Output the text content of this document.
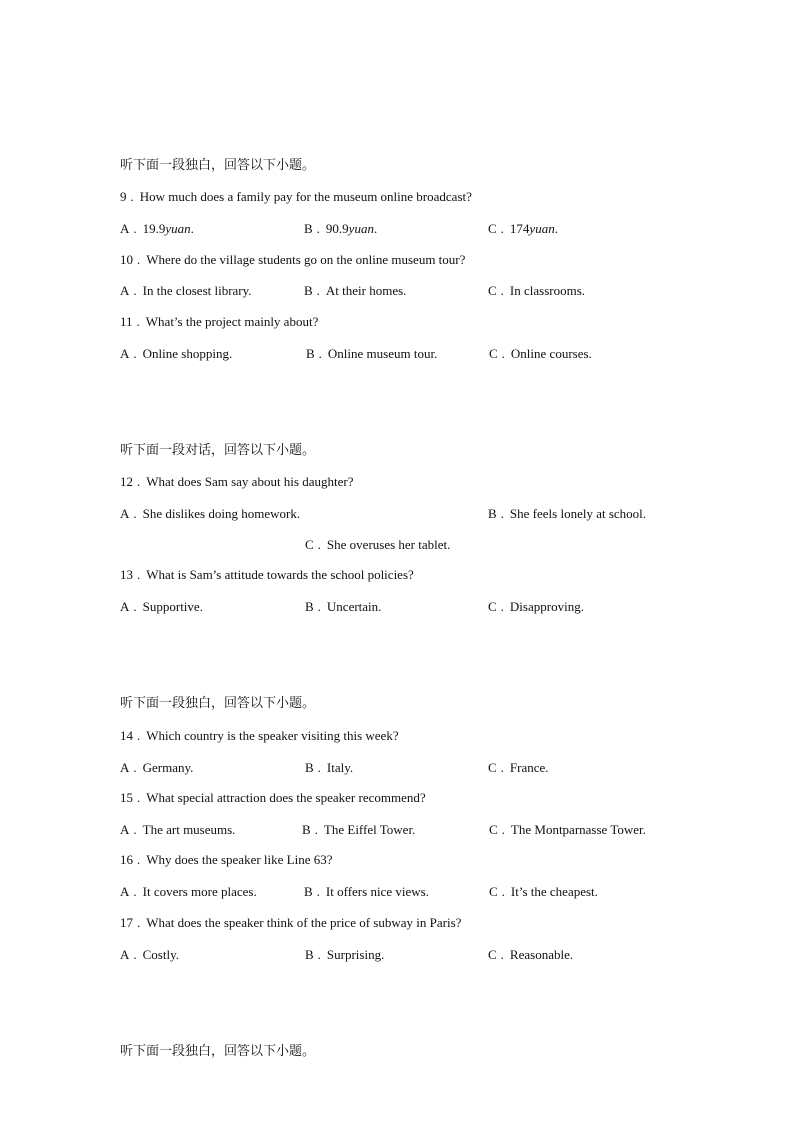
听下面一段独白，回答以下小题。
9 . How much does a family pay for the museum online broadcast?
A . 19.9yuan.	B . 90.9yuan.	C . 174yuan.
10 . Where do the village students go on the online museum tour?
A . In the closest library.	B . At their homes.	C . In classrooms.
11 . What’s the project mainly about?
A . Online shopping.	B . Online museum tour.	C . Online courses.
听下面一段对话，回答以下小题。
12 . What does Sam say about his daughter?
A . She dislikes doing homework.	B . She feels lonely at school.
C . She overuses her tablet.
13 . What is Sam’s attitude towards the school policies?
A . Supportive.	B . Uncertain.	C . Disapproving.
听下面一段独白，回答以下小题。
14 . Which country is the speaker visiting this week?
A . Germany.	B . Italy.	C . France.
15 . What special attraction does the speaker recommend?
A . The art museums.	B . The Eiffel Tower.	C . The Montparnasse Tower.
16 . Why does the speaker like Line 63?
A . It covers more places.	B . It offers nice views.	C . It’s the cheapest.
17 . What does the speaker think of the price of subway in Paris?
A . Costly.	B . Surprising.	C . Reasonable.
听下面一段独白，回答以下小题。
